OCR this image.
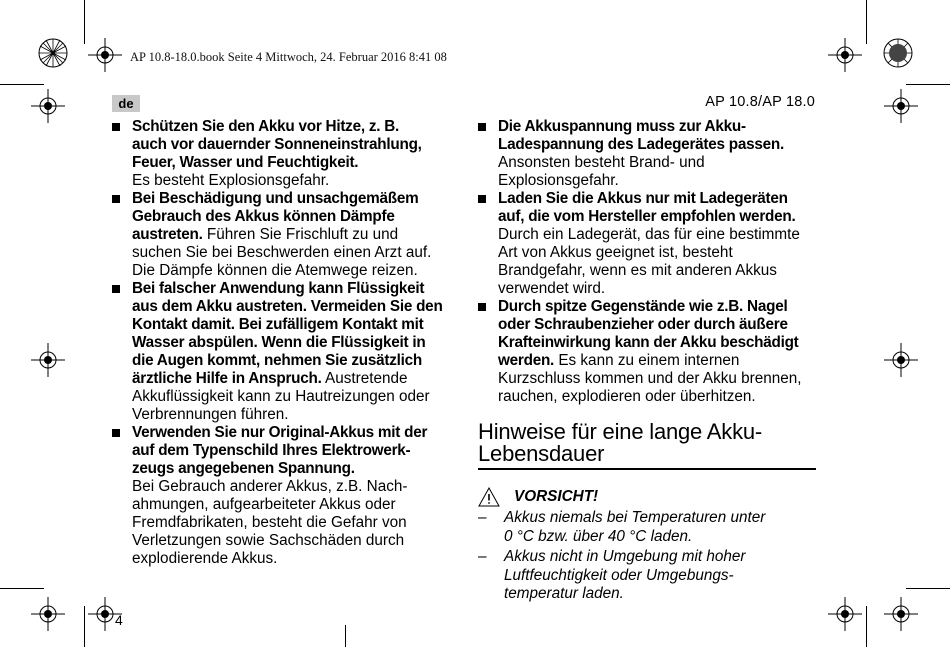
AP 10.8-18.0.book Seite 4 Mittwoch, 24. Februar 2016 8:41 08
de	AP 10.8/AP 18.0
Schützen Sie den Akku vor Hitze, z. B.
auch vor dauernder Sonneneinstrahlung,
Feuer, Wasser und Feuchtigkeit.
Es besteht Explosionsgefahr.
Bei Beschädigung und unsachgemäßem
Gebrauch des Akkus können Dämpfe
austreten. Führen Sie Frischluft zu und
suchen Sie bei Beschwerden einen Arzt auf.
Die Dämpfe können die Atemwege reizen.
Bei falscher Anwendung kann Flüssigkeit
aus dem Akku austreten. Vermeiden Sie den
Kontakt damit. Bei zufälligem Kontakt mit
Wasser abspülen. Wenn die Flüssigkeit in
die Augen kommt, nehmen Sie zusätzlich
ärztliche Hilfe in Anspruch. Austretende
Akkuflüssigkeit kann zu Hautreizungen oder
Verbrennungen führen.
Verwenden Sie nur Original-Akkus mit der
auf dem Typenschild Ihres Elektrowerk-
zeugs angegebenen Spannung.
Bei Gebrauch anderer Akkus, z.B. Nach-
ahmungen, aufgearbeiteter Akkus oder
Fremdfabrikaten, besteht die Gefahr von
Verletzungen sowie Sachschäden durch
explodierende Akkus.
Die Akkuspannung muss zur Akku-
Ladespannung des Ladegerätes passen.
Ansonsten besteht Brand- und
Explosionsgefahr.
Laden Sie die Akkus nur mit Ladegeräten
auf, die vom Hersteller empfohlen werden.
Durch ein Ladegerät, das für eine bestimmte
Art von Akkus geeignet ist, besteht
Brandgefahr, wenn es mit anderen Akkus
verwendet wird.
Durch spitze Gegenstände wie z.B. Nagel
oder Schraubenzieher oder durch äußere
Krafteinwirkung kann der Akku beschädigt
werden. Es kann zu einem internen
Kurzschluss kommen und der Akku brennen,
rauchen, explodieren oder überhitzen.
Hinweise für eine lange Akku-
Lebensdauer
VORSICHT!
– Akkus niemals bei Temperaturen unter
0 °C bzw. über 40 °C laden.
– Akkus nicht in Umgebung mit hoher
Luftfeuchtigkeit oder Umgebungs-
temperatur laden.
4
